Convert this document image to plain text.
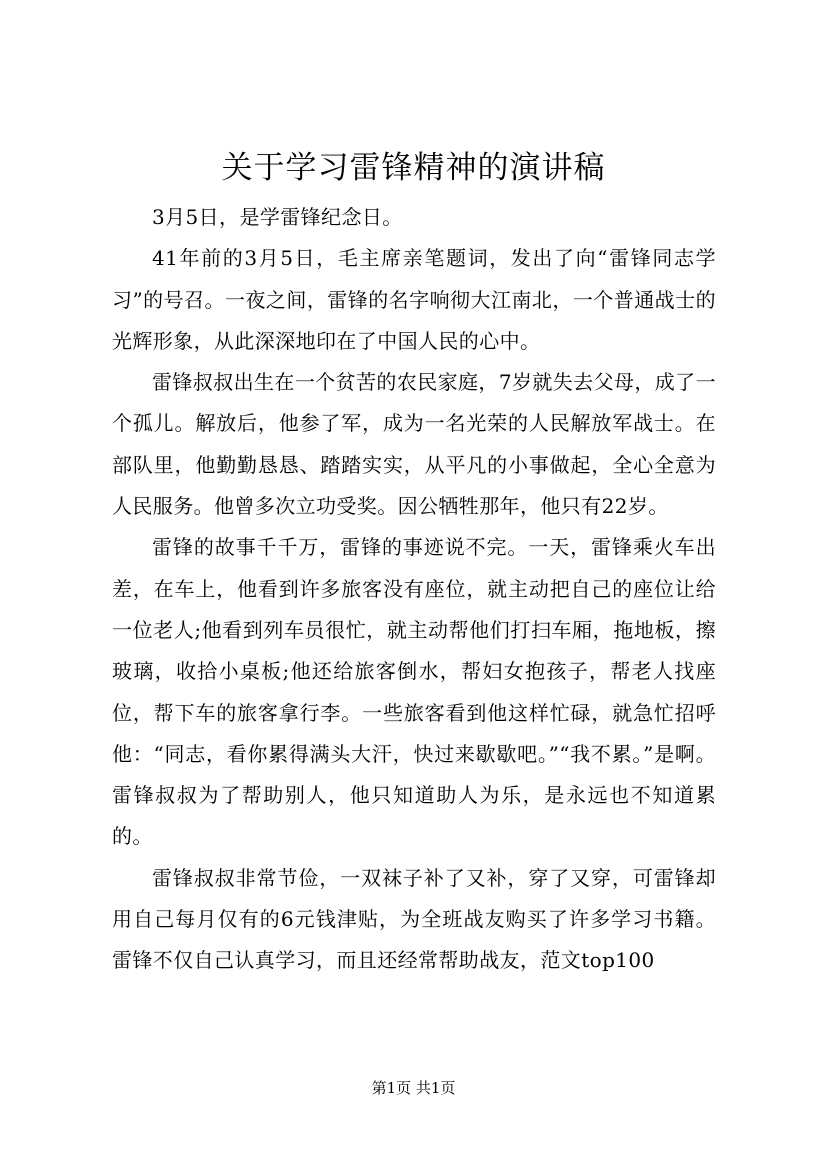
关于学习雷锋精神的演讲稿

3月5日，是学雷锋纪念日。

41年前的3月5日，毛主席亲笔题词，发出了向“雷锋同志学习”的号召。一夜之间，雷锋的名字响彻大江南北，一个普通战士的光辉形象，从此深深地印在了中国人民的心中。

雷锋叔叔出生在一个贫苦的农民家庭，7岁就失去父母，成了一个孤儿。解放后，他参了军，成为一名光荣的人民解放军战士。在部队里，他勤勤恳恳、踏踏实实，从平凡的小事做起，全心全意为人民服务。他曾多次立功受奖。因公牺牲那年，他只有22岁。

雷锋的故事千千万，雷锋的事迹说不完。一天，雷锋乘火车出差，在车上，他看到许多旅客没有座位，就主动把自己的座位让给一位老人;他看到列车员很忙，就主动帮他们打扫车厢，拖地板，擦玻璃，收拾小桌板;他还给旅客倒水，帮妇女抱孩子，帮老人找座位，帮下车的旅客拿行李。一些旅客看到他这样忙碌，就急忙招呼他：“同志，看你累得满头大汗，快过来歇歇吧。”“我不累。”是啊。雷锋叔叔为了帮助别人，他只知道助人为乐，是永远也不知道累的。

雷锋叔叔非常节俭，一双袜子补了又补，穿了又穿，可雷锋却用自己每月仅有的6元钱津贴，为全班战友购买了许多学习书籍。雷锋不仅自己认真学习，而且还经常帮助战友，范文top100

第1页 共1页
